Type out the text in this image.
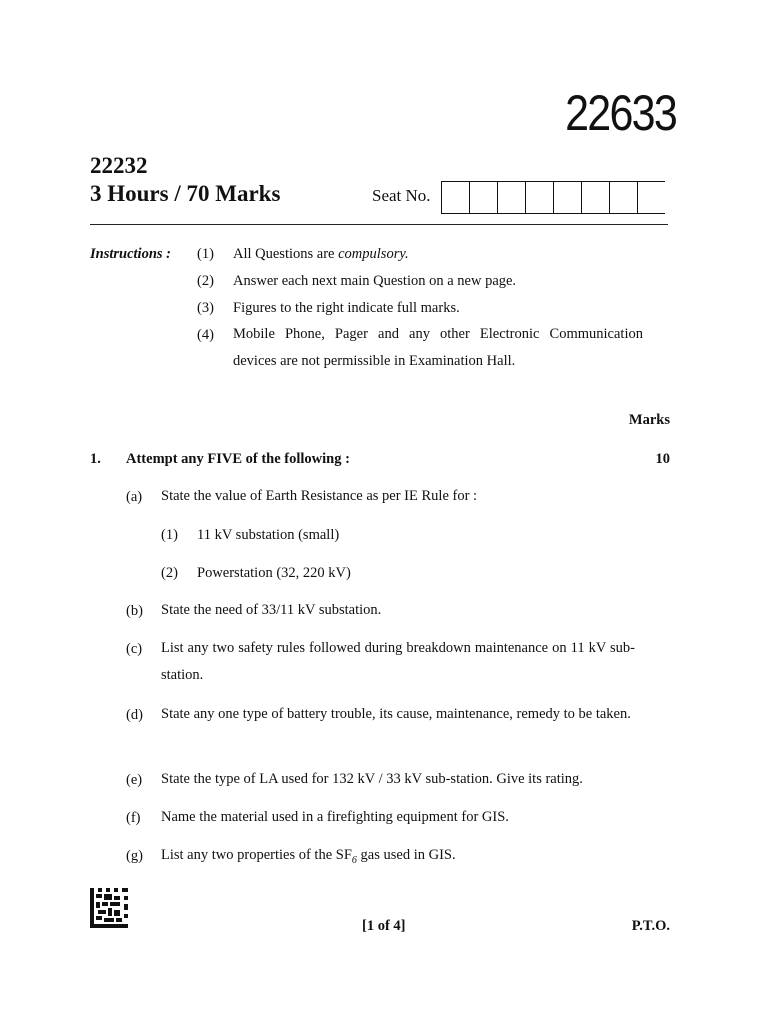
22633
22232
3 Hours / 70 Marks	Seat No.
Instructions : (1) All Questions are compulsory.
(2) Answer each next main Question on a new page.
(3) Figures to the right indicate full marks.
(4) Mobile Phone, Pager and any other Electronic Communication devices are not permissible in Examination Hall.
Marks
1. Attempt any FIVE of the following :	10
(a) State the value of Earth Resistance as per IE Rule for :
(1) 11 kV substation (small)
(2) Powerstation (32, 220 kV)
(b) State the need of 33/11 kV substation.
(c) List any two safety rules followed during breakdown maintenance on 11 kV sub-station.
(d) State any one type of battery trouble, its cause, maintenance, remedy to be taken.
(e) State the type of LA used for 132 kV / 33 kV sub-station. Give its rating.
(f) Name the material used in a firefighting equipment for GIS.
(g) List any two properties of the $SF_6$ gas used in GIS.
[1 of 4]	P.T.O.
